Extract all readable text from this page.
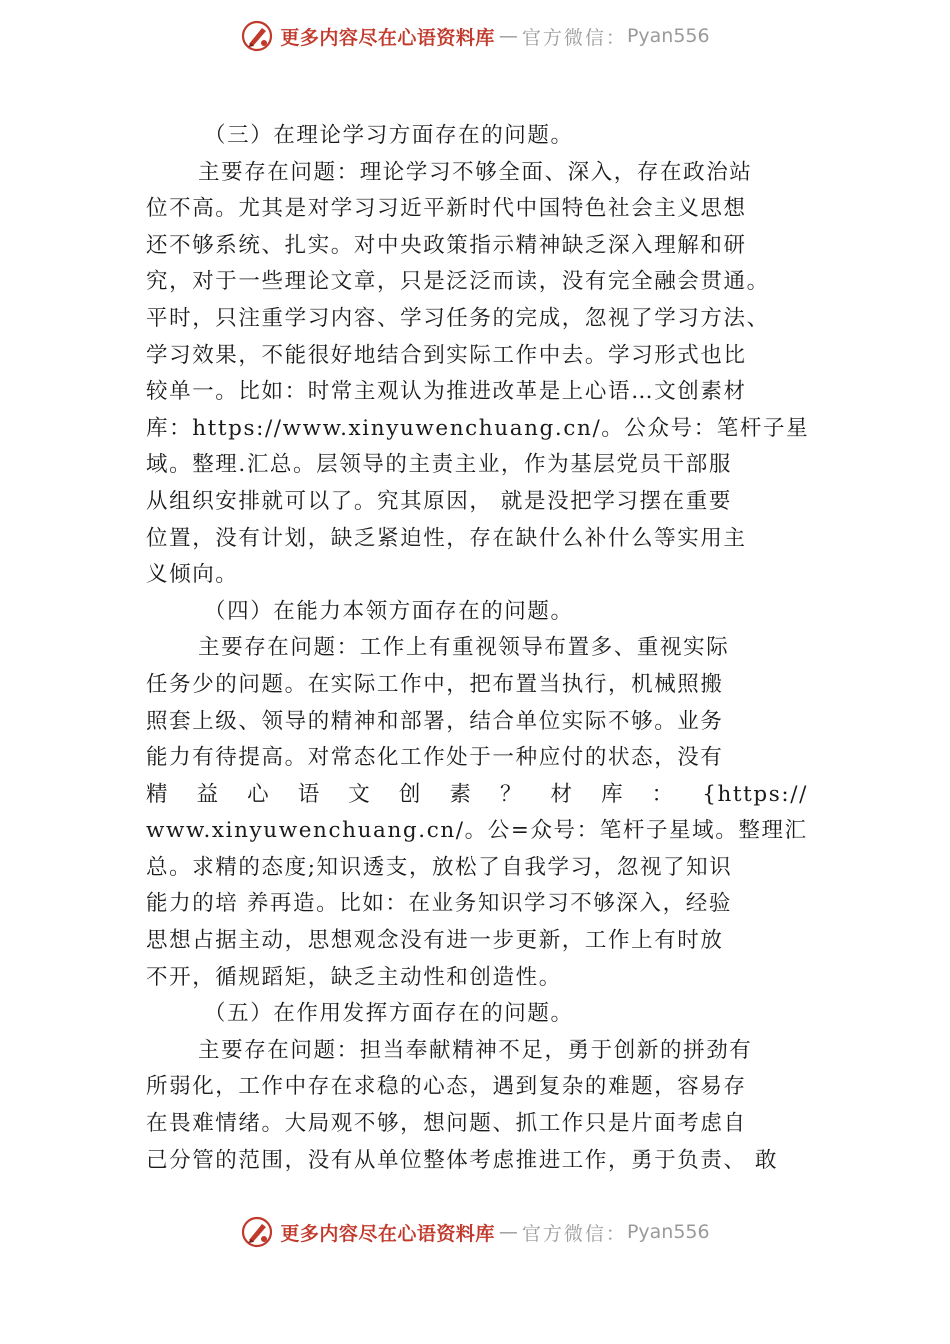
更多内容尽在心语资料库 — 官方微信： Pyan556
（三）在理论学习方面存在的问题。
主要存在问题：理论学习不够全面、深入，存在政治站
位不高。尤其是对学习习近平新时代中国特色社会主义思想
还不够系统、扎实。对中央政策指示精神缺乏深入理解和研
究，对于一些理论文章，只是泛泛而读，没有完全融会贯通。
平时，只注重学习内容、学习任务的完成，忽视了学习方法、
学习效果，不能很好地结合到实际工作中去。学习形式也比
较单一。比如：时常主观认为推进改革是上心语…文创素材
库：https://www.xinyuwenchuang.cn/。公众号：笔杆子星
域。整理.汇总。层领导的主责主业，作为基层党员干部服
从组织安排就可以了。究其原因， 就是没把学习摆在重要
位置，没有计划，缺乏紧迫性，存在缺什么补什么等实用主
义倾向。
（四）在能力本领方面存在的问题。
主要存在问题：工作上有重视领导布置多、重视实际
任务少的问题。在实际工作中，把布置当执行，机械照搬
照套上级、领导的精神和部署，结合单位实际不够。业务
能力有待提高。对常态化工作处于一种应付的状态，没有
精 益 心 语 文 创 素 ？ 材 库 ： {https://
www.xinyuwenchuang.cn/。公=众号：笔杆子星域。整理汇
总。求精的态度;知识透支，放松了自我学习，忽视了知识
能力的培 养再造。比如：在业务知识学习不够深入，经验
思想占据主动，思想观念没有进一步更新，工作上有时放
不开，循规蹈矩，缺乏主动性和创造性。
（五）在作用发挥方面存在的问题。
主要存在问题：担当奉献精神不足，勇于创新的拼劲有
所弱化，工作中存在求稳的心态，遇到复杂的难题，容易存
在畏难情绪。大局观不够，想问题、抓工作只是片面考虑自
己分管的范围，没有从单位整体考虑推进工作，勇于负责、 敢
更多内容尽在心语资料库 — 官方微信： Pyan556
